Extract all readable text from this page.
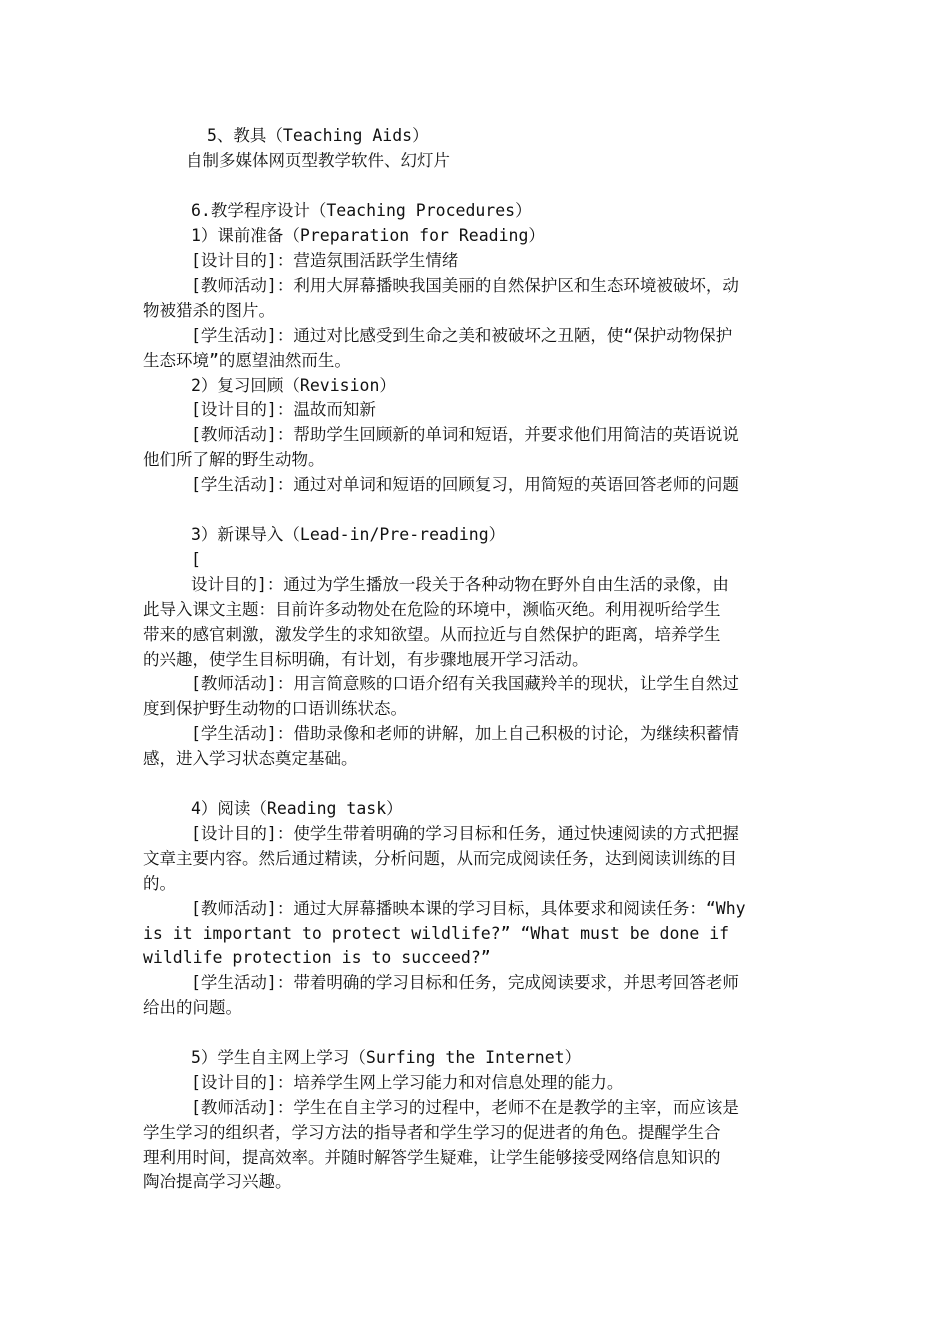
5、教具（Teaching Aids）
自制多媒体网页型教学软件、幻灯片
6.教学程序设计（Teaching Procedures）
1）课前准备（Preparation for Reading）
[设计目的]：营造氛围活跃学生情绪
[教师活动]：利用大屏幕播映我国美丽的自然保护区和生态环境被破坏，动
物被猎杀的图片。
[学生活动]：通过对比感受到生命之美和被破坏之丑陋，使“保护动物保护
生态环境”的愿望油然而生。
2）复习回顾（Revision）
[设计目的]：温故而知新
[教师活动]：帮助学生回顾新的单词和短语，并要求他们用简洁的英语说说
他们所了解的野生动物。
[学生活动]：通过对单词和短语的回顾复习，用简短的英语回答老师的问题
3）新课导入（Lead-in/Pre-reading）
[
设计目的]：通过为学生播放一段关于各种动物在野外自由生活的录像，由
此导入课文主题：目前许多动物处在危险的环境中，濒临灭绝。利用视听给学生
带来的感官刺激，激发学生的求知欲望。从而拉近与自然保护的距离，培养学生
的兴趣，使学生目标明确，有计划，有步骤地展开学习活动。
[教师活动]：用言简意赅的口语介绍有关我国藏羚羊的现状，让学生自然过
度到保护野生动物的口语训练状态。
[学生活动]：借助录像和老师的讲解，加上自己积极的讨论，为继续积蓄情
感，进入学习状态奠定基础。
4）阅读（Reading task）
[设计目的]：使学生带着明确的学习目标和任务，通过快速阅读的方式把握
文章主要内容。然后通过精读，分析问题，从而完成阅读任务，达到阅读训练的目
的。
[教师活动]：通过大屏幕播映本课的学习目标，具体要求和阅读任务：“Why
is it important to protect wildlife?” “What must be done if
wildlife protection is to succeed?”
[学生活动]：带着明确的学习目标和任务，完成阅读要求，并思考回答老师
给出的问题。
5）学生自主网上学习（Surfing the Internet）
[设计目的]：培养学生网上学习能力和对信息处理的能力。
[教师活动]：学生在自主学习的过程中，老师不在是教学的主宰，而应该是
学生学习的组织者，学习方法的指导者和学生学习的促进者的角色。提醒学生合
理利用时间，提高效率。并随时解答学生疑难，让学生能够接受网络信息知识的
陶冶提高学习兴趣。
